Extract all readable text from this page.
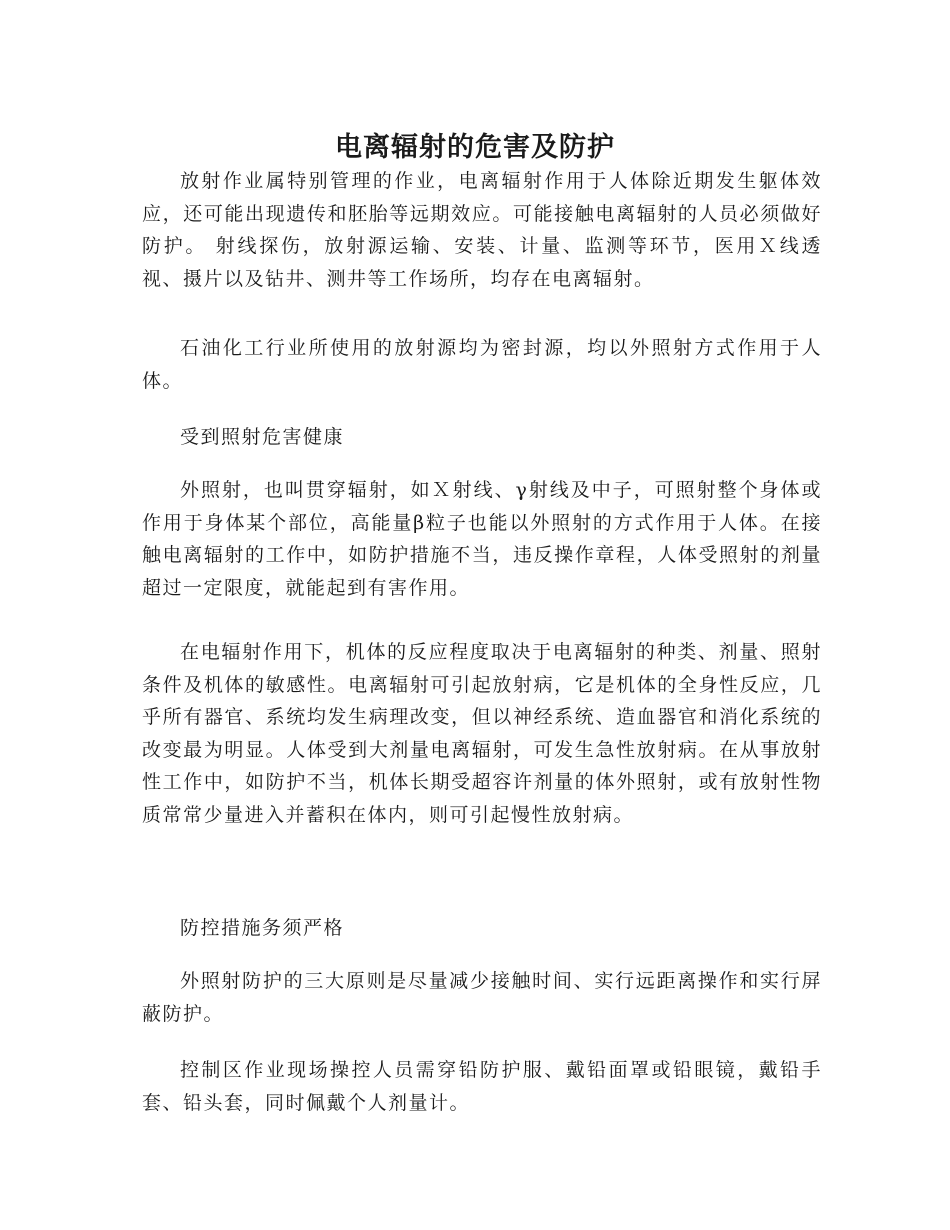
电离辐射的危害及防护

放射作业属特别管理的作业，电离辐射作用于人体除近期发生躯体效应，还可能出现遗传和胚胎等远期效应。可能接触电离辐射的人员必须做好防护。 射线探伤，放射源运输、安装、计量、监测等环节，医用Ｘ线透视、摄片以及钻井、测井等工作场所，均存在电离辐射。

石油化工行业所使用的放射源均为密封源，均以外照射方式作用于人体。

受到照射危害健康

外照射，也叫贯穿辐射，如Ｘ射线、γ射线及中子，可照射整个身体或作用于身体某个部位，高能量β粒子也能以外照射的方式作用于人体。在接触电离辐射的工作中，如防护措施不当，违反操作章程，人体受照射的剂量超过一定限度，就能起到有害作用。

在电辐射作用下，机体的反应程度取决于电离辐射的种类、剂量、照射条件及机体的敏感性。电离辐射可引起放射病，它是机体的全身性反应，几乎所有器官、系统均发生病理改变，但以神经系统、造血器官和消化系统的改变最为明显。人体受到大剂量电离辐射，可发生急性放射病。在从事放射性工作中，如防护不当，机体长期受超容许剂量的体外照射，或有放射性物质常常少量进入并蓄积在体内，则可引起慢性放射病。

防控措施务须严格

外照射防护的三大原则是尽量减少接触时间、实行远距离操作和实行屏蔽防护。

控制区作业现场操控人员需穿铅防护服、戴铅面罩或铅眼镜，戴铅手套、铅头套，同时佩戴个人剂量计。
